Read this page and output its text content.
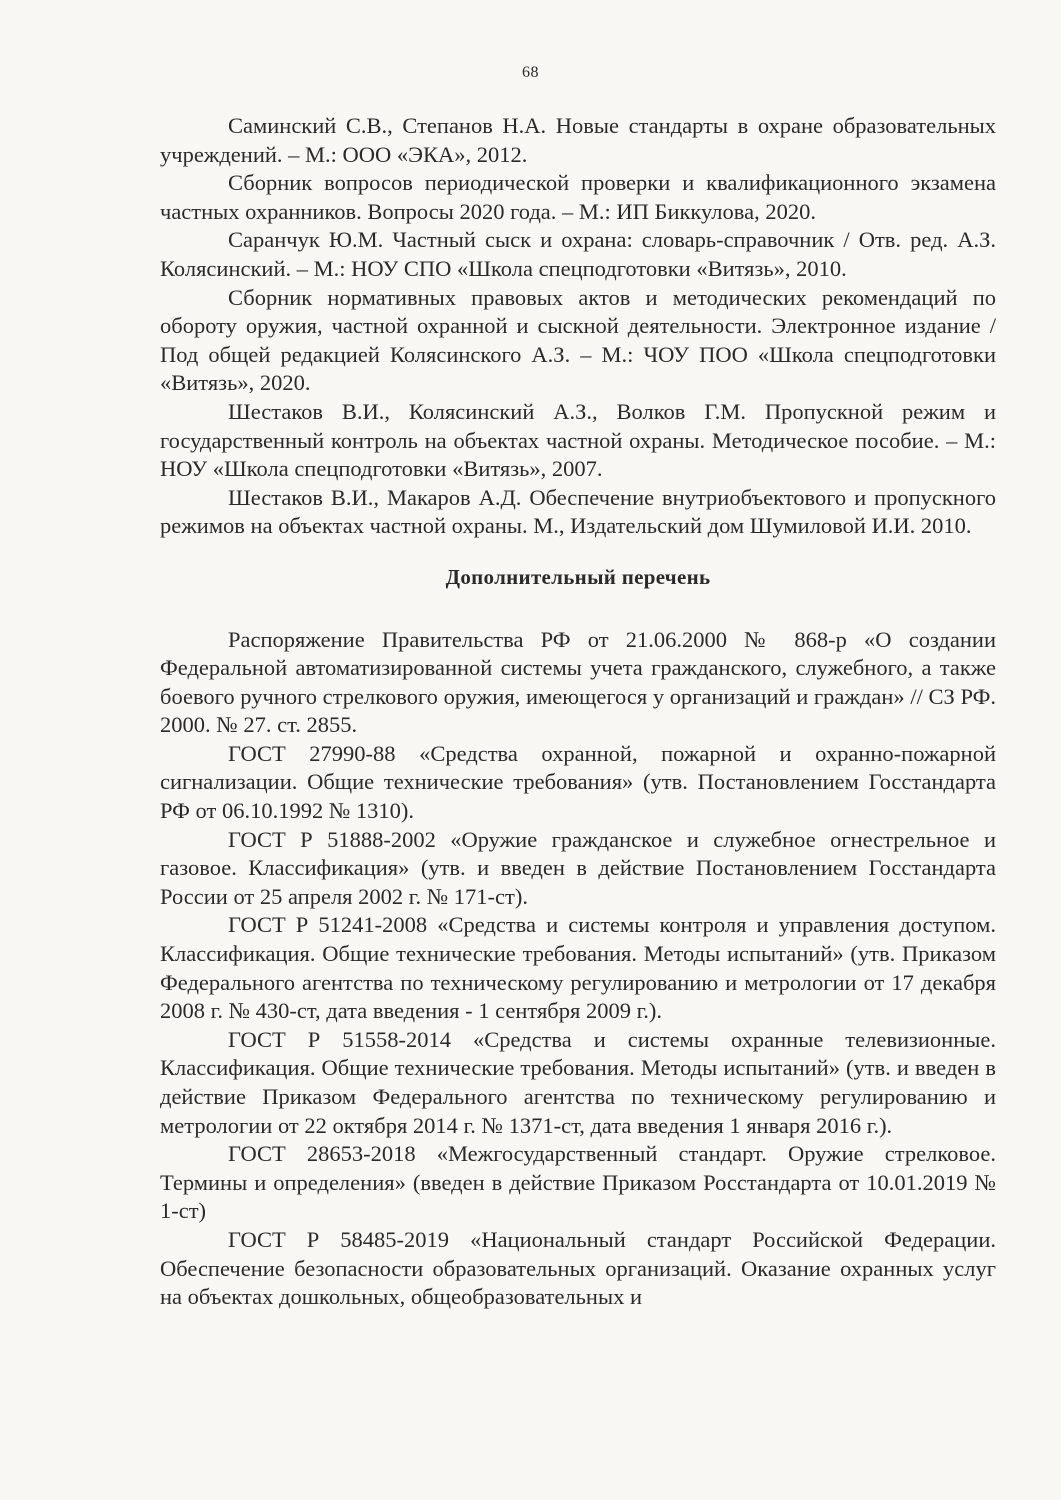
68

Саминский С.В., Степанов Н.А. Новые стандарты в охране образовательных учреждений. – М.: ООО «ЭКА», 2012.

Сборник вопросов периодической проверки и квалификационного экзамена частных охранников. Вопросы 2020 года. – М.: ИП Биккулова, 2020.

Саранчук Ю.М. Частный сыск и охрана: словарь-справочник / Отв. ред. А.З. Колясинский. – М.: НОУ СПО «Школа спецподготовки «Витязь», 2010.

Сборник нормативных правовых актов и методических рекомендаций по обороту оружия, частной охранной и сыскной деятельности. Электронное издание / Под общей редакцией Колясинского А.З. – М.: ЧОУ ПОО «Школа спецподготовки «Витязь», 2020.

Шестаков В.И., Колясинский А.З., Волков Г.М. Пропускной режим и государственный контроль на объектах частной охраны. Методическое пособие. – М.: НОУ «Школа спецподготовки «Витязь», 2007.

Шестаков В.И., Макаров А.Д. Обеспечение внутриобъектового и пропускного режимов на объектах частной охраны. М., Издательский дом Шумиловой И.И. 2010.

Дополнительный перечень

Распоряжение Правительства РФ от 21.06.2000 № 868-р «О создании Федеральной автоматизированной системы учета гражданского, служебного, а также боевого ручного стрелкового оружия, имеющегося у организаций и граждан» // СЗ РФ. 2000. № 27. ст. 2855.

ГОСТ 27990-88 «Средства охранной, пожарной и охранно-пожарной сигнализации. Общие технические требования» (утв. Постановлением Госстандарта РФ от 06.10.1992 № 1310).

ГОСТ Р 51888-2002 «Оружие гражданское и служебное огнестрельное и газовое. Классификация» (утв. и введен в действие Постановлением Госстандарта России от 25 апреля 2002 г. № 171-ст).

ГОСТ Р 51241-2008 «Средства и системы контроля и управления доступом. Классификация. Общие технические требования. Методы испытаний» (утв. Приказом Федерального агентства по техническому регулированию и метрологии от 17 декабря 2008 г. № 430-ст, дата введения - 1 сентября 2009 г.).

ГОСТ Р 51558-2014 «Средства и системы охранные телевизионные. Классификация. Общие технические требования. Методы испытаний» (утв. и введен в действие Приказом Федерального агентства по техническому регулированию и метрологии от 22 октября 2014 г. № 1371-ст, дата введения 1 января 2016 г.).

ГОСТ 28653-2018 «Межгосударственный стандарт. Оружие стрелковое. Термины и определения» (введен в действие Приказом Росстандарта от 10.01.2019 № 1-ст)

ГОСТ Р 58485-2019 «Национальный стандарт Российской Федерации. Обеспечение безопасности образовательных организаций. Оказание охранных услуг на объектах дошкольных, общеобразовательных и
